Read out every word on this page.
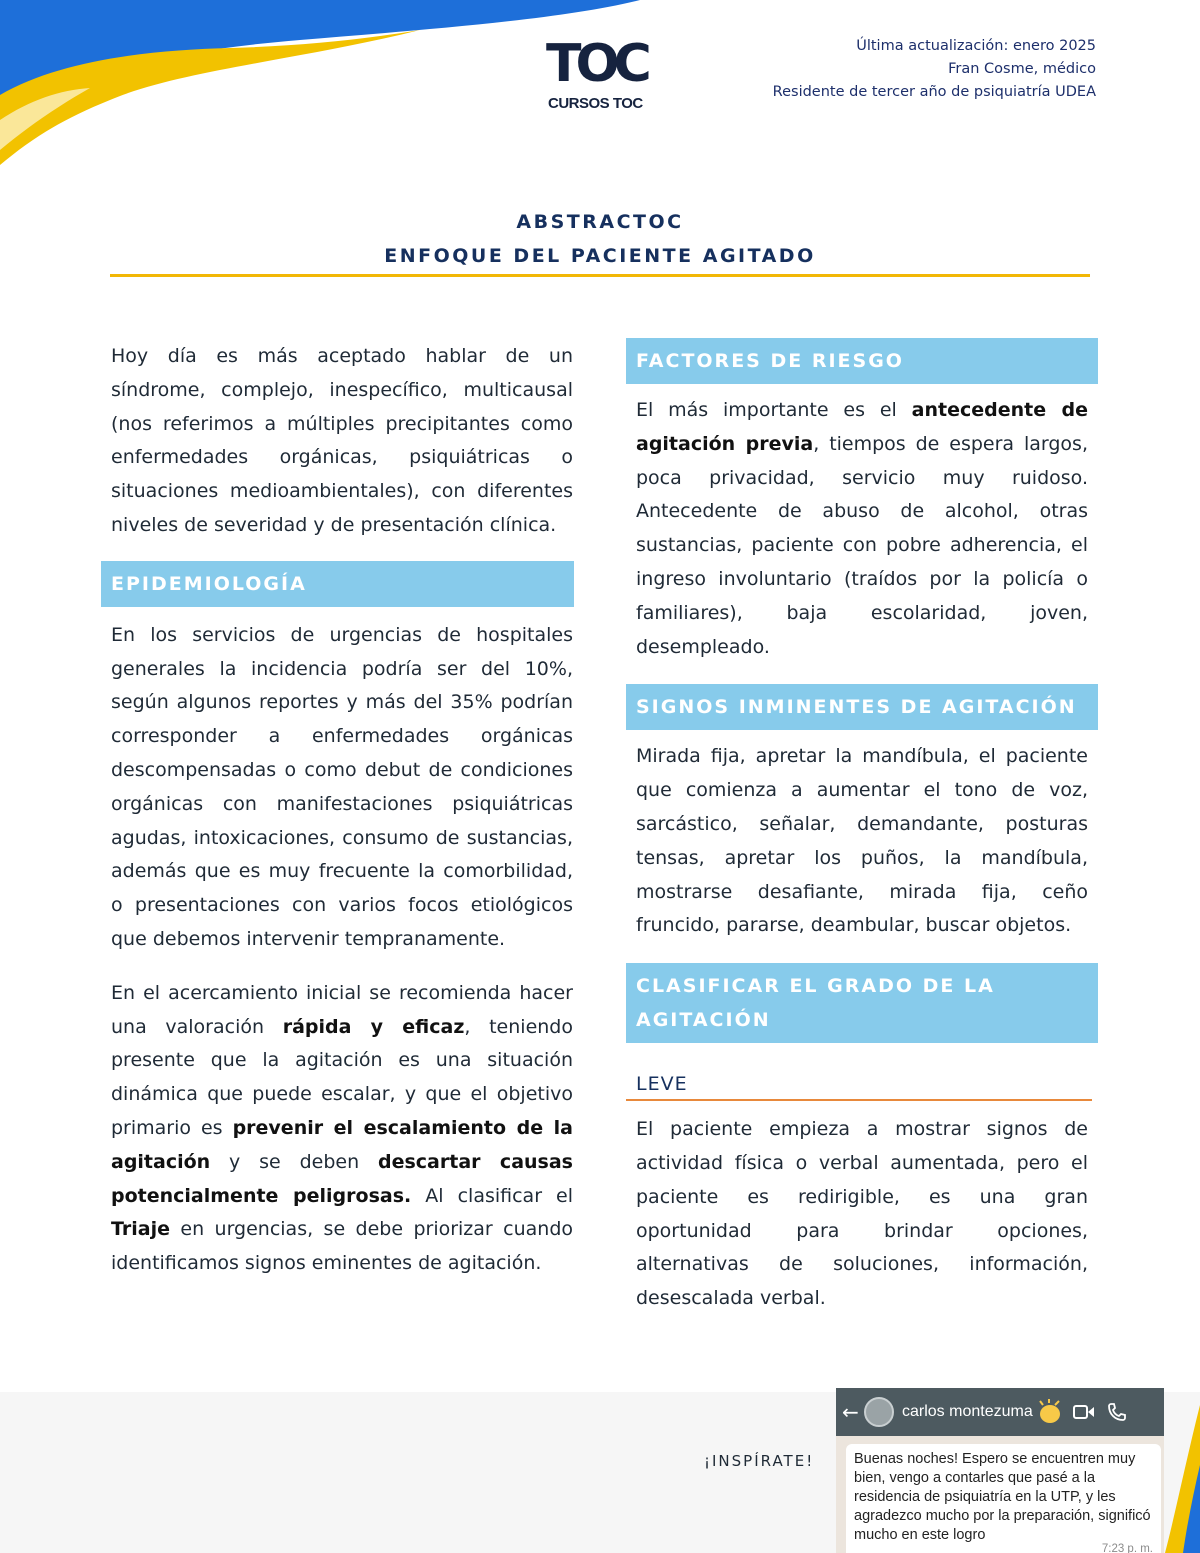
TOC
CURSOS TOC
Última actualización: enero 2025
Fran Cosme, médico
Residente de tercer año de psiquiatría UDEA
ABSTRACTOC
ENFOQUE DEL PACIENTE AGITADO

Hoy día es más aceptado hablar de un síndrome, complejo, inespecífico, multicausal (nos referimos a múltiples precipitantes como enfermedades orgánicas, psiquiátricas o situaciones medioambientales), con diferentes niveles de severidad y de presentación clínica.

EPIDEMIOLOGÍA

En los servicios de urgencias de hospitales generales la incidencia podría ser del 10%, según algunos reportes y más del 35% podrían corresponder a enfermedades orgánicas descompensadas o como debut de condiciones orgánicas con manifestaciones psiquiátricas agudas, intoxicaciones, consumo de sustancias, además que es muy frecuente la comorbilidad, o presentaciones con varios focos etiológicos que debemos intervenir tempranamente.

En el acercamiento inicial se recomienda hacer una valoración rápida y eficaz, teniendo presente que la agitación es una situación dinámica que puede escalar, y que el objetivo primario es prevenir el escalamiento de la agitación y se deben descartar causas potencialmente peligrosas. Al clasificar el Triaje en urgencias, se debe priorizar cuando identificamos signos eminentes de agitación.

FACTORES DE RIESGO

El más importante es el antecedente de agitación previa, tiempos de espera largos, poca privacidad, servicio muy ruidoso. Antecedente de abuso de alcohol, otras sustancias, paciente con pobre adherencia, el ingreso involuntario (traídos por la policía o familiares), baja escolaridad, joven, desempleado.

SIGNOS INMINENTES DE AGITACIÓN

Mirada fija, apretar la mandíbula, el paciente que comienza a aumentar el tono de voz, sarcástico, señalar, demandante, posturas tensas, apretar los puños, la mandíbula, mostrarse desafiante, mirada fija, ceño fruncido, pararse, deambular, buscar objetos.

CLASIFICAR EL GRADO DE LA AGITACIÓN
LEVE

El paciente empieza a mostrar signos de actividad física o verbal aumentada, pero el paciente es redirigible, es una gran oportunidad para brindar opciones, alternativas de soluciones, información, desescalada verbal.

¡INSPÍRATE!
←	carlos montezuma
Buenas noches! Espero se encuentren muy bien, vengo a contarles que pasé a la residencia de psiquiatría en la UTP, y les agradezco mucho por la preparación, significó mucho en este logro
7:23 p. m.
